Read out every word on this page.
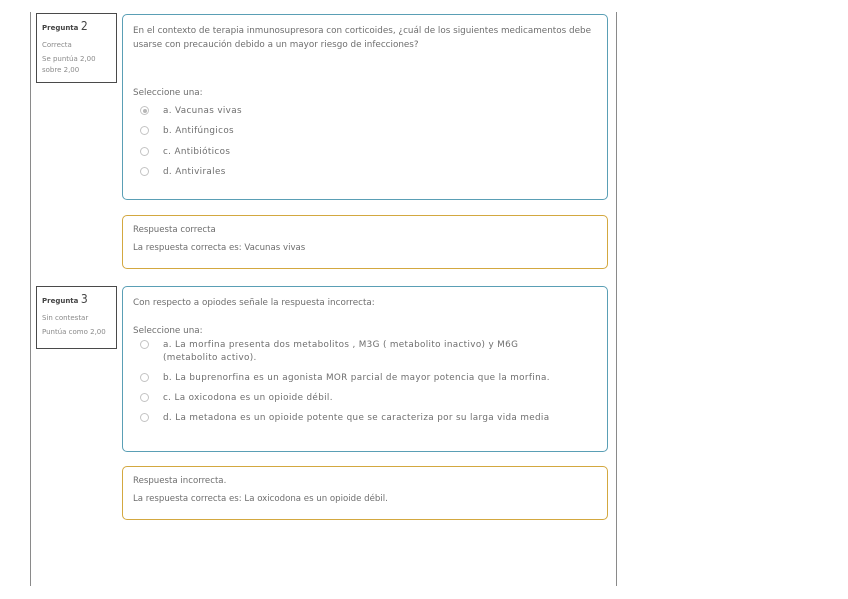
Pregunta 2
Correcta
Se puntúa 2,00
sobre 2,00
En el contexto de terapia inmunosupresora con corticoides, ¿cuál de los siguientes medicamentos debe usarse con precaución debido a un mayor riesgo de infecciones?
Seleccione una:
a. Vacunas vivas
b. Antifúngicos
c. Antibióticos
d. Antivirales
Respuesta correcta
La respuesta correcta es: Vacunas vivas
Pregunta 3
Sin contestar
Puntúa como 2,00
Con respecto a opiodes señale la respuesta incorrecta:
Seleccione una:
a. La morfina presenta dos metabolitos , M3G ( metabolito inactivo) y M6G (metabolito activo).
b. La buprenorfina es un agonista MOR parcial de mayor potencia que la morfina.
c. La oxicodona es un opioide débil.
d. La metadona es un opioide potente que se caracteriza por su larga vida media
Respuesta incorrecta.
La respuesta correcta es: La oxicodona es un opioide débil.
